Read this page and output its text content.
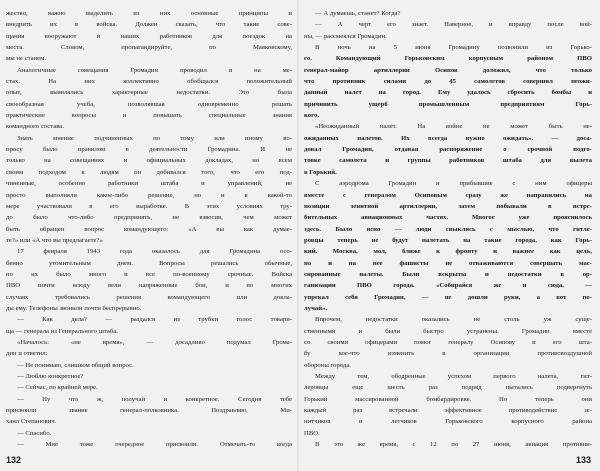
жество, важно выделить из них основные принципы и
внедрить их в войска. Должен сказать, что такие сове-
щания вооружают и наших работников для поездок на
места. Словом, пропагандируйте, по Маяковскому,
мы не станем.
Аналогичные совещания Громадин проводил и на ме-
стах. На них коллективно обобщался положительный
опыт, выявлялись характерные недостатки. Это была
своеобразная учеба, позволявшая одновременно решать
практические вопросы и повышать специальные знания
командного состава.
Знать мнение подчиненных по тому или иному во-
просу было правилом в деятельности Громадина. И не
только на совещаниях и официальных докладах, но всем
своим подходом к людям он добивался того, что его под-
чиненные, особенно работники штаба и управлений, не
просто выполняли какое-либо решение, но и в какой-то
мере участвовали в его выработке. В этих условиях тру-
до было что-либо предпринять, не взвесив, чем может
быть обращен вопрос командующего: «А вы как думае-
те?» или «А что вы предлагаете?»
17 февраля 1943 года оказалось для Громадина осо-
бенно утомительным днем. Вопросы решались обычные,
но их было много и все по-военному срочные. Войска
ПВО почти всюду вели напряженные бои, и во многих
случаях требовались решения командующего или докла-
ды ему. Телефоны звонили почти беспрерывно.
— Как дела? — раздался из трубки голос товари-
ща — генерала из Генерального штаба.
«Началось: «не время», — досадливо подумал Грома-
дин и ответил:
— Не понимаю, слишком общий вопрос.
— Люблю конкретное?
— Сейчас, по крайней мере.
— Ну что ж, получай и конкретное. Сегодня тебе
присвоили звание генерал-полковника. Поздравляю, Ми-
хаил Степанович.
— Спасибо.
— Мне тоже очередное присвоили. Отмечать-то когда
— А думаешь, станет? Когда?
— А черт его знает. Наверное, и вправду после вой-
ны, — рассмеялся Громадин.
В ночь на 5 июня Громадину позвонили из Горько-
го. Командующий Горьковским корпусным районом ПВО
генерал-майор артиллерии Осипов доложил, что только
что противник силами до 45 самолетов совершил неожи-
данный налет на город. Ему удалось сбросить бомбы и
причинить ущерб промышленным предприятиям Горь-
кого.
«Неожиданный налет. На войне не может быть не-
ожиданных налетов. Их всегда нужно ожидать», — доса-
довал Громадин, отдавая распоряжение о срочной подго-
товке самолета и группы работников штаба для вылета
в Горький.
С аэродрома Громадин и прибывшие с ним офицеры
вместе с генералом Осиповым сразу же направились на
позиции зенитной артиллерии, затем побывали в истре-
бительных авиационных частях. Многое уже прояснилось
здесь. Было ясно — люди свыклись с мыслью, что гитле-
ровцы теперь не будут налетать на такие города, как Горь-
кий. Москва, мол, ближе к фронту и важнее как цель,
но и на нее фашисты не отваживаются совершать мас-
сированные налеты. Были вскрыты и недостатки в ор-
ганизации ПВО города. «Собирайся же и сюда, —
упрекал себя Громадин, — не дошли руки, а вот по-
лучай».
Впрочем, недостатки оказались не столь уж суще-
ственными и были быстро устранены. Громадин вместе
со своими офицерами помог генералу Осипову и его шта-
бу кое-что изменить в организации противовоздушной
обороны города.
Между тем, ободренные успехом первого налета, гит-
леровцы еще шесть раз подряд пытались подвергнуть
Горький массированной бомбардировке. Но теперь они
каждый раз встречали эффективное противодействие зе-
нитчиков и летчиков Горьковского корпусного района
ПВО.
В это же время, с 12 по 27 июня, авиация противни-
132	133
